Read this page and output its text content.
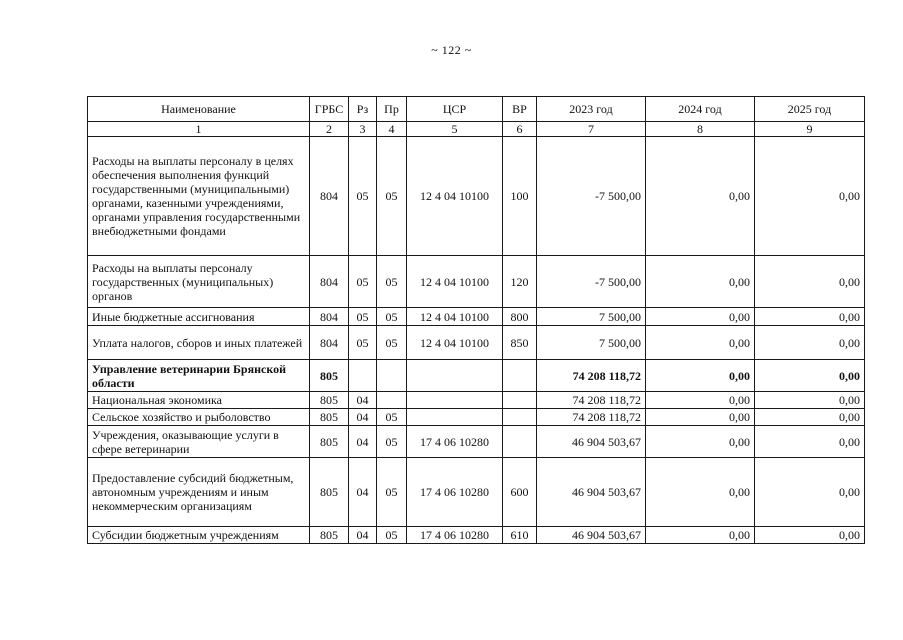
~ 122 ~
Наименование	ГРБС	Рз	Пр	ЦСР	ВР	2023 год	2024 год	2025 год
1	2	3	4	5	6	7	8	9
Расходы на выплаты персоналу в целях обеспечения выполнения функций государственными (муниципальными) органами, казенными учреждениями, органами управления государственными внебюджетными фондами	804	05	05	12 4 04 10100	100	-7 500,00	0,00	0,00
Расходы на выплаты персоналу государственных (муниципальных) органов	804	05	05	12 4 04 10100	120	-7 500,00	0,00	0,00
Иные бюджетные ассигнования	804	05	05	12 4 04 10100	800	7 500,00	0,00	0,00
Уплата налогов, сборов и иных платежей	804	05	05	12 4 04 10100	850	7 500,00	0,00	0,00
Управление ветеринарии Брянской области	805					74 208 118,72	0,00	0,00
Национальная экономика	805	04				74 208 118,72	0,00	0,00
Сельское хозяйство и рыболовство	805	04	05			74 208 118,72	0,00	0,00
Учреждения, оказывающие услуги в сфере ветеринарии	805	04	05	17 4 06 10280		46 904 503,67	0,00	0,00
Предоставление субсидий бюджетным, автономным учреждениям и иным некоммерческим организациям	805	04	05	17 4 06 10280	600	46 904 503,67	0,00	0,00
Субсидии бюджетным учреждениям	805	04	05	17 4 06 10280	610	46 904 503,67	0,00	0,00
